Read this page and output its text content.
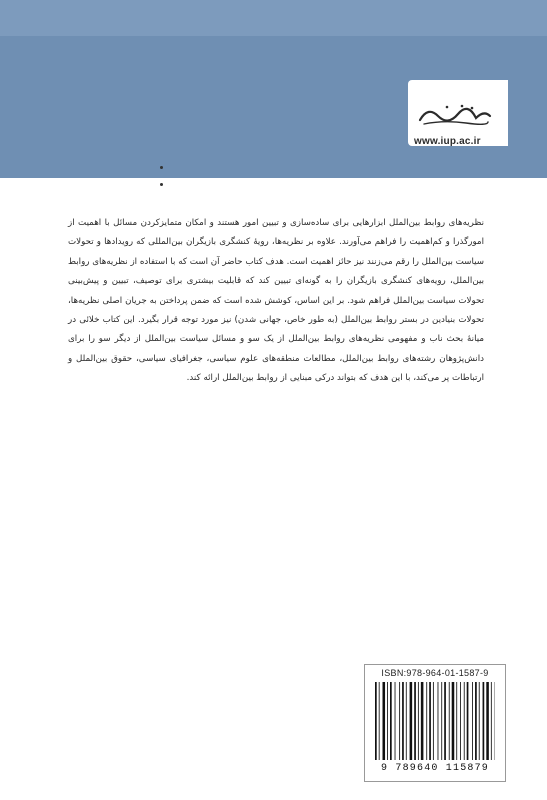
www.iup.ac.ir

نظریه‌های روابط بین‌الملل ابزارهایی برای ساده‌سازی و تبیین امور هستند و امکان متمایزکردن مسائل با اهمیت از امورگذرا و کم‌اهمیت را فراهم می‌آورند. علاوه بر نظریه‌ها، رویهٔ کنشگری بازیگران بین‌المللی که رویدادها و تحولات سیاست بین‌الملل را رقم می‌زنند نیز حائز اهمیت است. هدف کتاب حاضر آن است که با استفاده از نظریه‌های روابط بین‌الملل، رویه‌های کنشگری بازیگران را به گونه‌ای تبیین کند که قابلیت بیشتری برای توصیف، تبیین و پیش‌بینی تحولات سیاست بین‌الملل فراهم شود. بر این اساس، کوشش شده است که ضمن پرداختن به جریان اصلی نظریه‌ها، تحولات بنیادین در بستر روابط بین‌الملل (به طور خاص، جهانی شدن) نیز مورد توجه قرار بگیرد. این کتاب خلائی در میانهٔ بحث ناب و مفهومی نظریه‌های روابط بین‌الملل از یک سو و مسائل سیاست بین‌الملل از دیگر سو را برای دانش‌پژوهان رشته‌های روابط بین‌الملل، مطالعات منطقه‌های علوم سیاسی، جغرافیای سیاسی، حقوق بین‌الملل و ارتباطات پر می‌کند، با این هدف که بتواند درکی مبنایی از روابط بین‌الملل ارائه کند.

ISBN:978-964-01-1587-9
9 789640 115879
